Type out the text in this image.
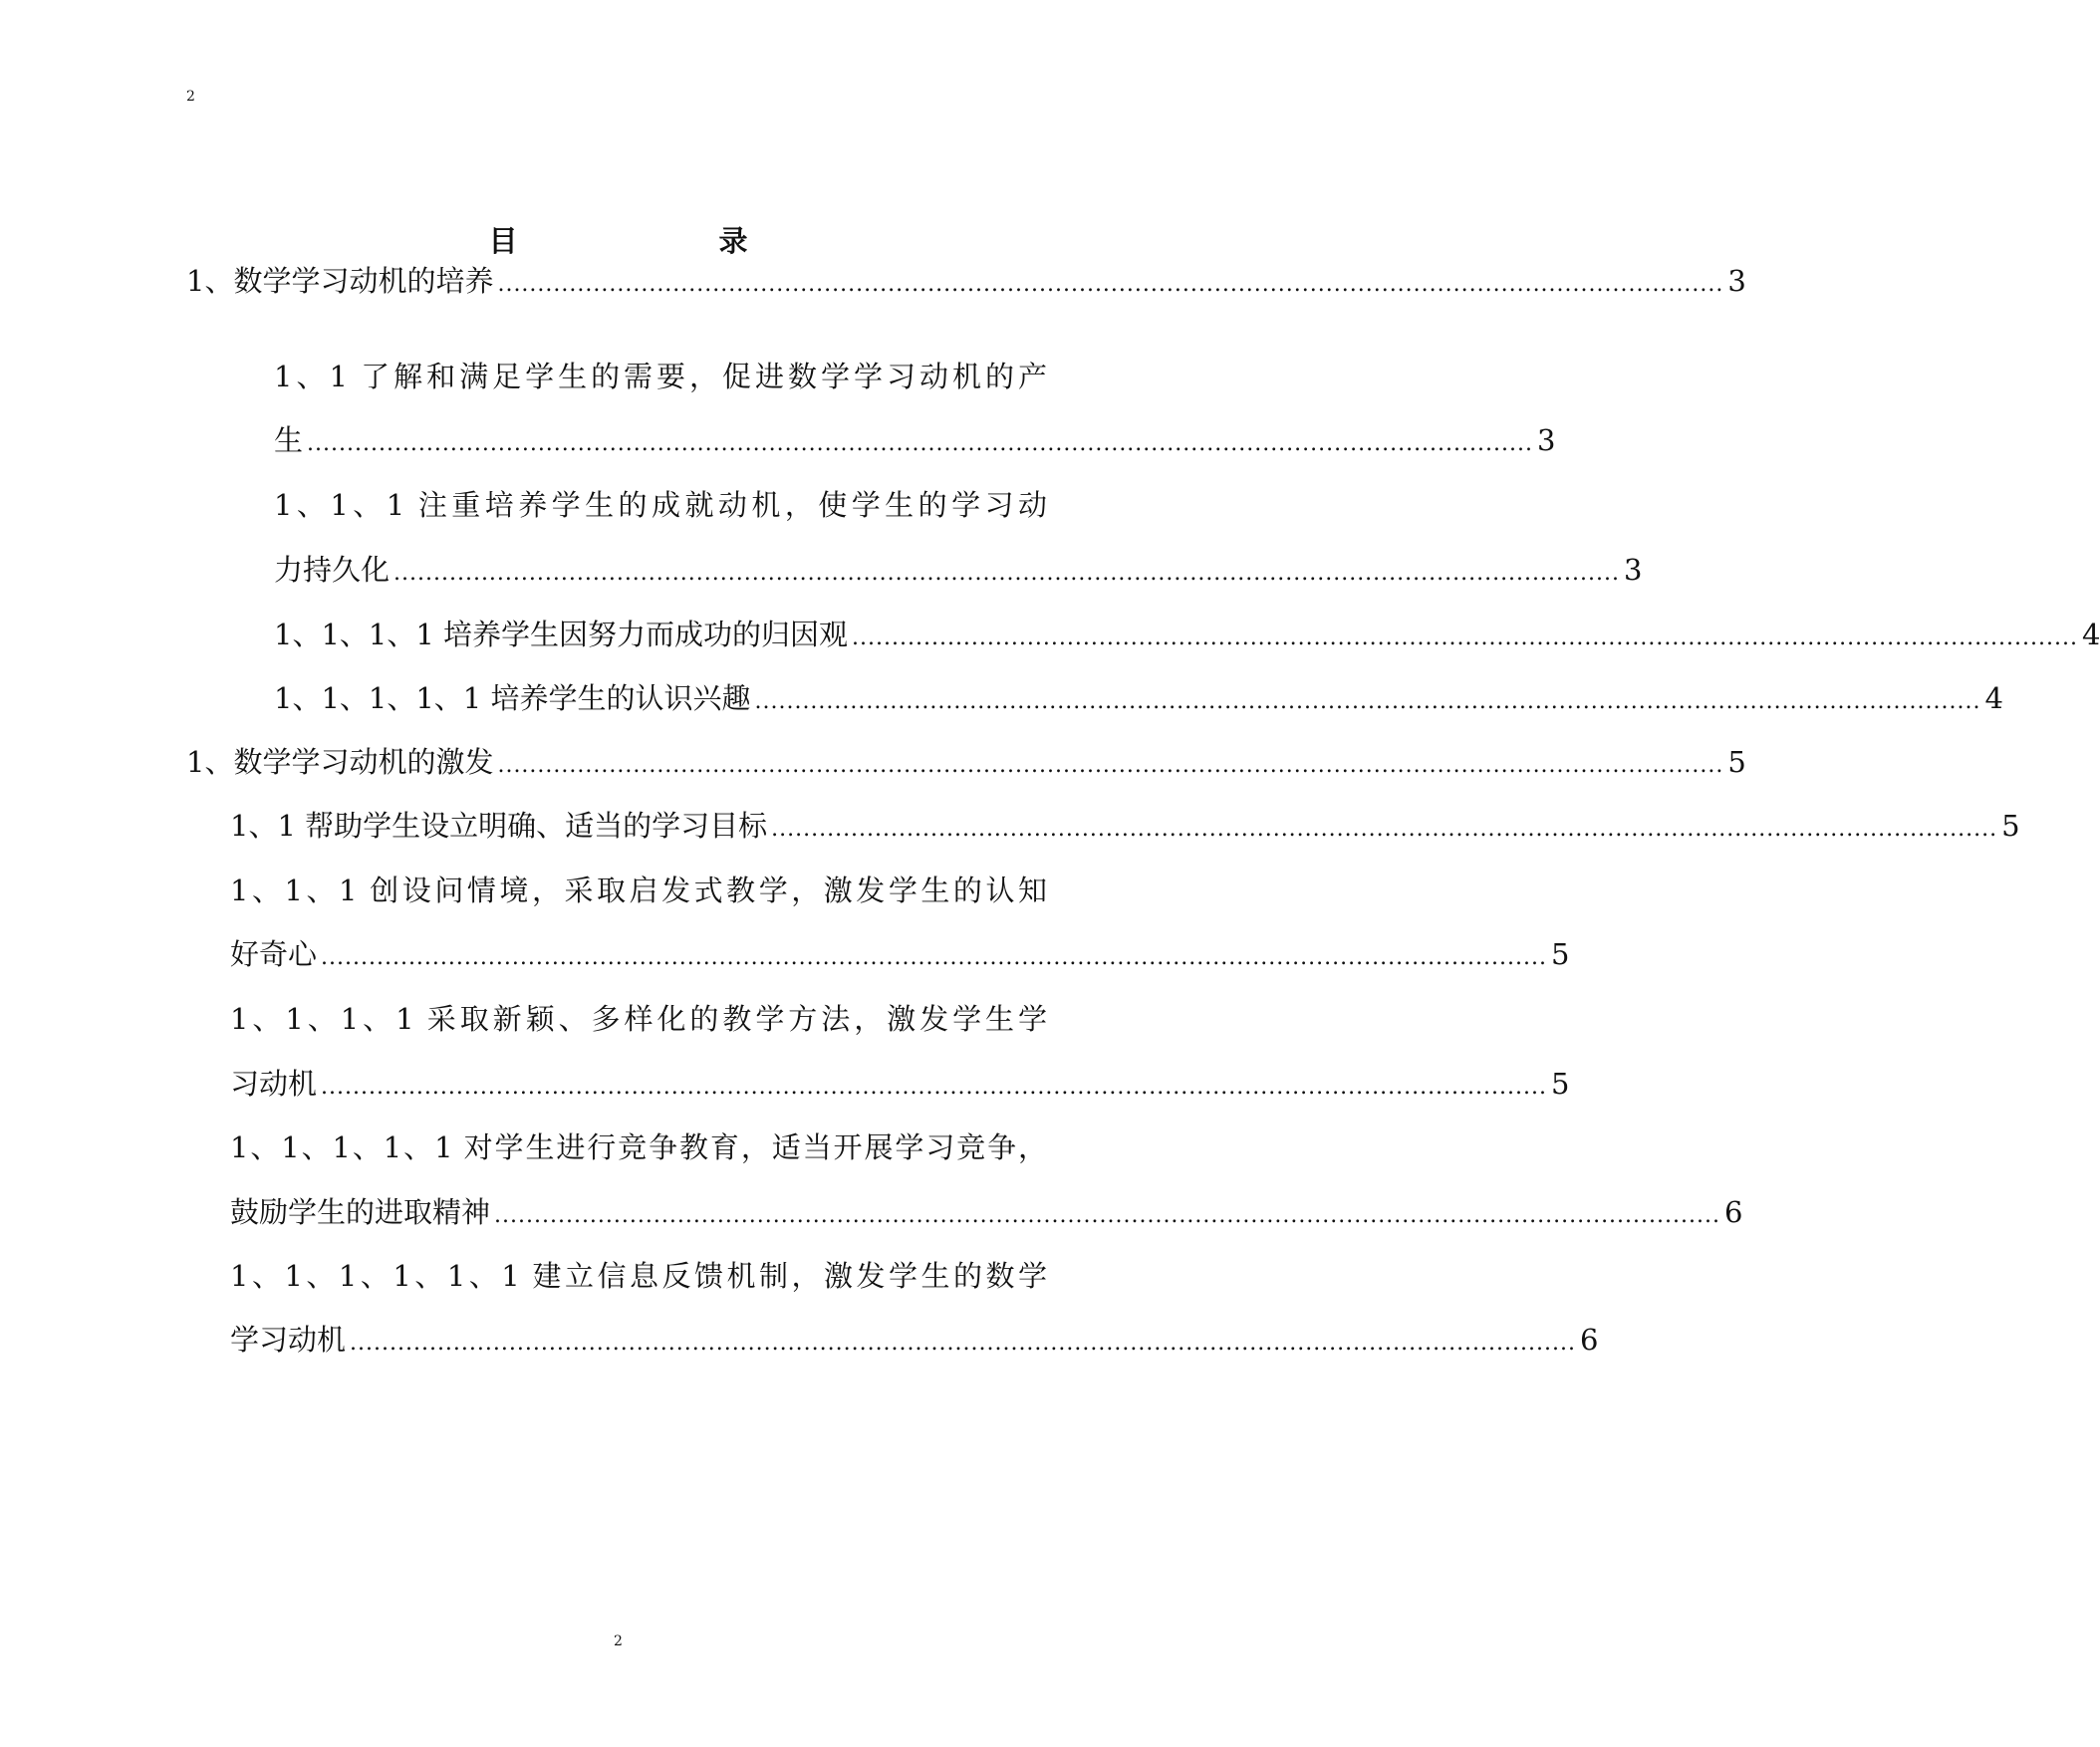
2
目　　录
1、数学学习动机的培养 .......................................................................................................................................................... 3
1、1 了解和满足学生的需要，促进数学学习动机的产
生 .......................................................................................................................................................... 3
1、1、1 注重培养学生的成就动机，使学生的学习动
力持久化 .......................................................................................................................................................... 3
1、1、1、1 培养学生因努力而成功的归因观 .......................................................................................................................................................... 4
1、1、1、1、1 培养学生的认识兴趣 .......................................................................................................................................................... 4
1、数学学习动机的激发 .......................................................................................................................................................... 5
1、1 帮助学生设立明确、适当的学习目标 .......................................................................................................................................................... 5
1、1、1 创设问情境，采取启发式教学，激发学生的认知
好奇心 .......................................................................................................................................................... 5
1、1、1、1 采取新颖、多样化的教学方法，激发学生学
习动机 .......................................................................................................................................................... 5
1、1、1、1、1 对学生进行竞争教育，适当开展学习竞争，
鼓励学生的进取精神 .......................................................................................................................................................... 6
1、1、1、1、1、1 建立信息反馈机制，激发学生的数学
学习动机 .......................................................................................................................................................... 6
2
